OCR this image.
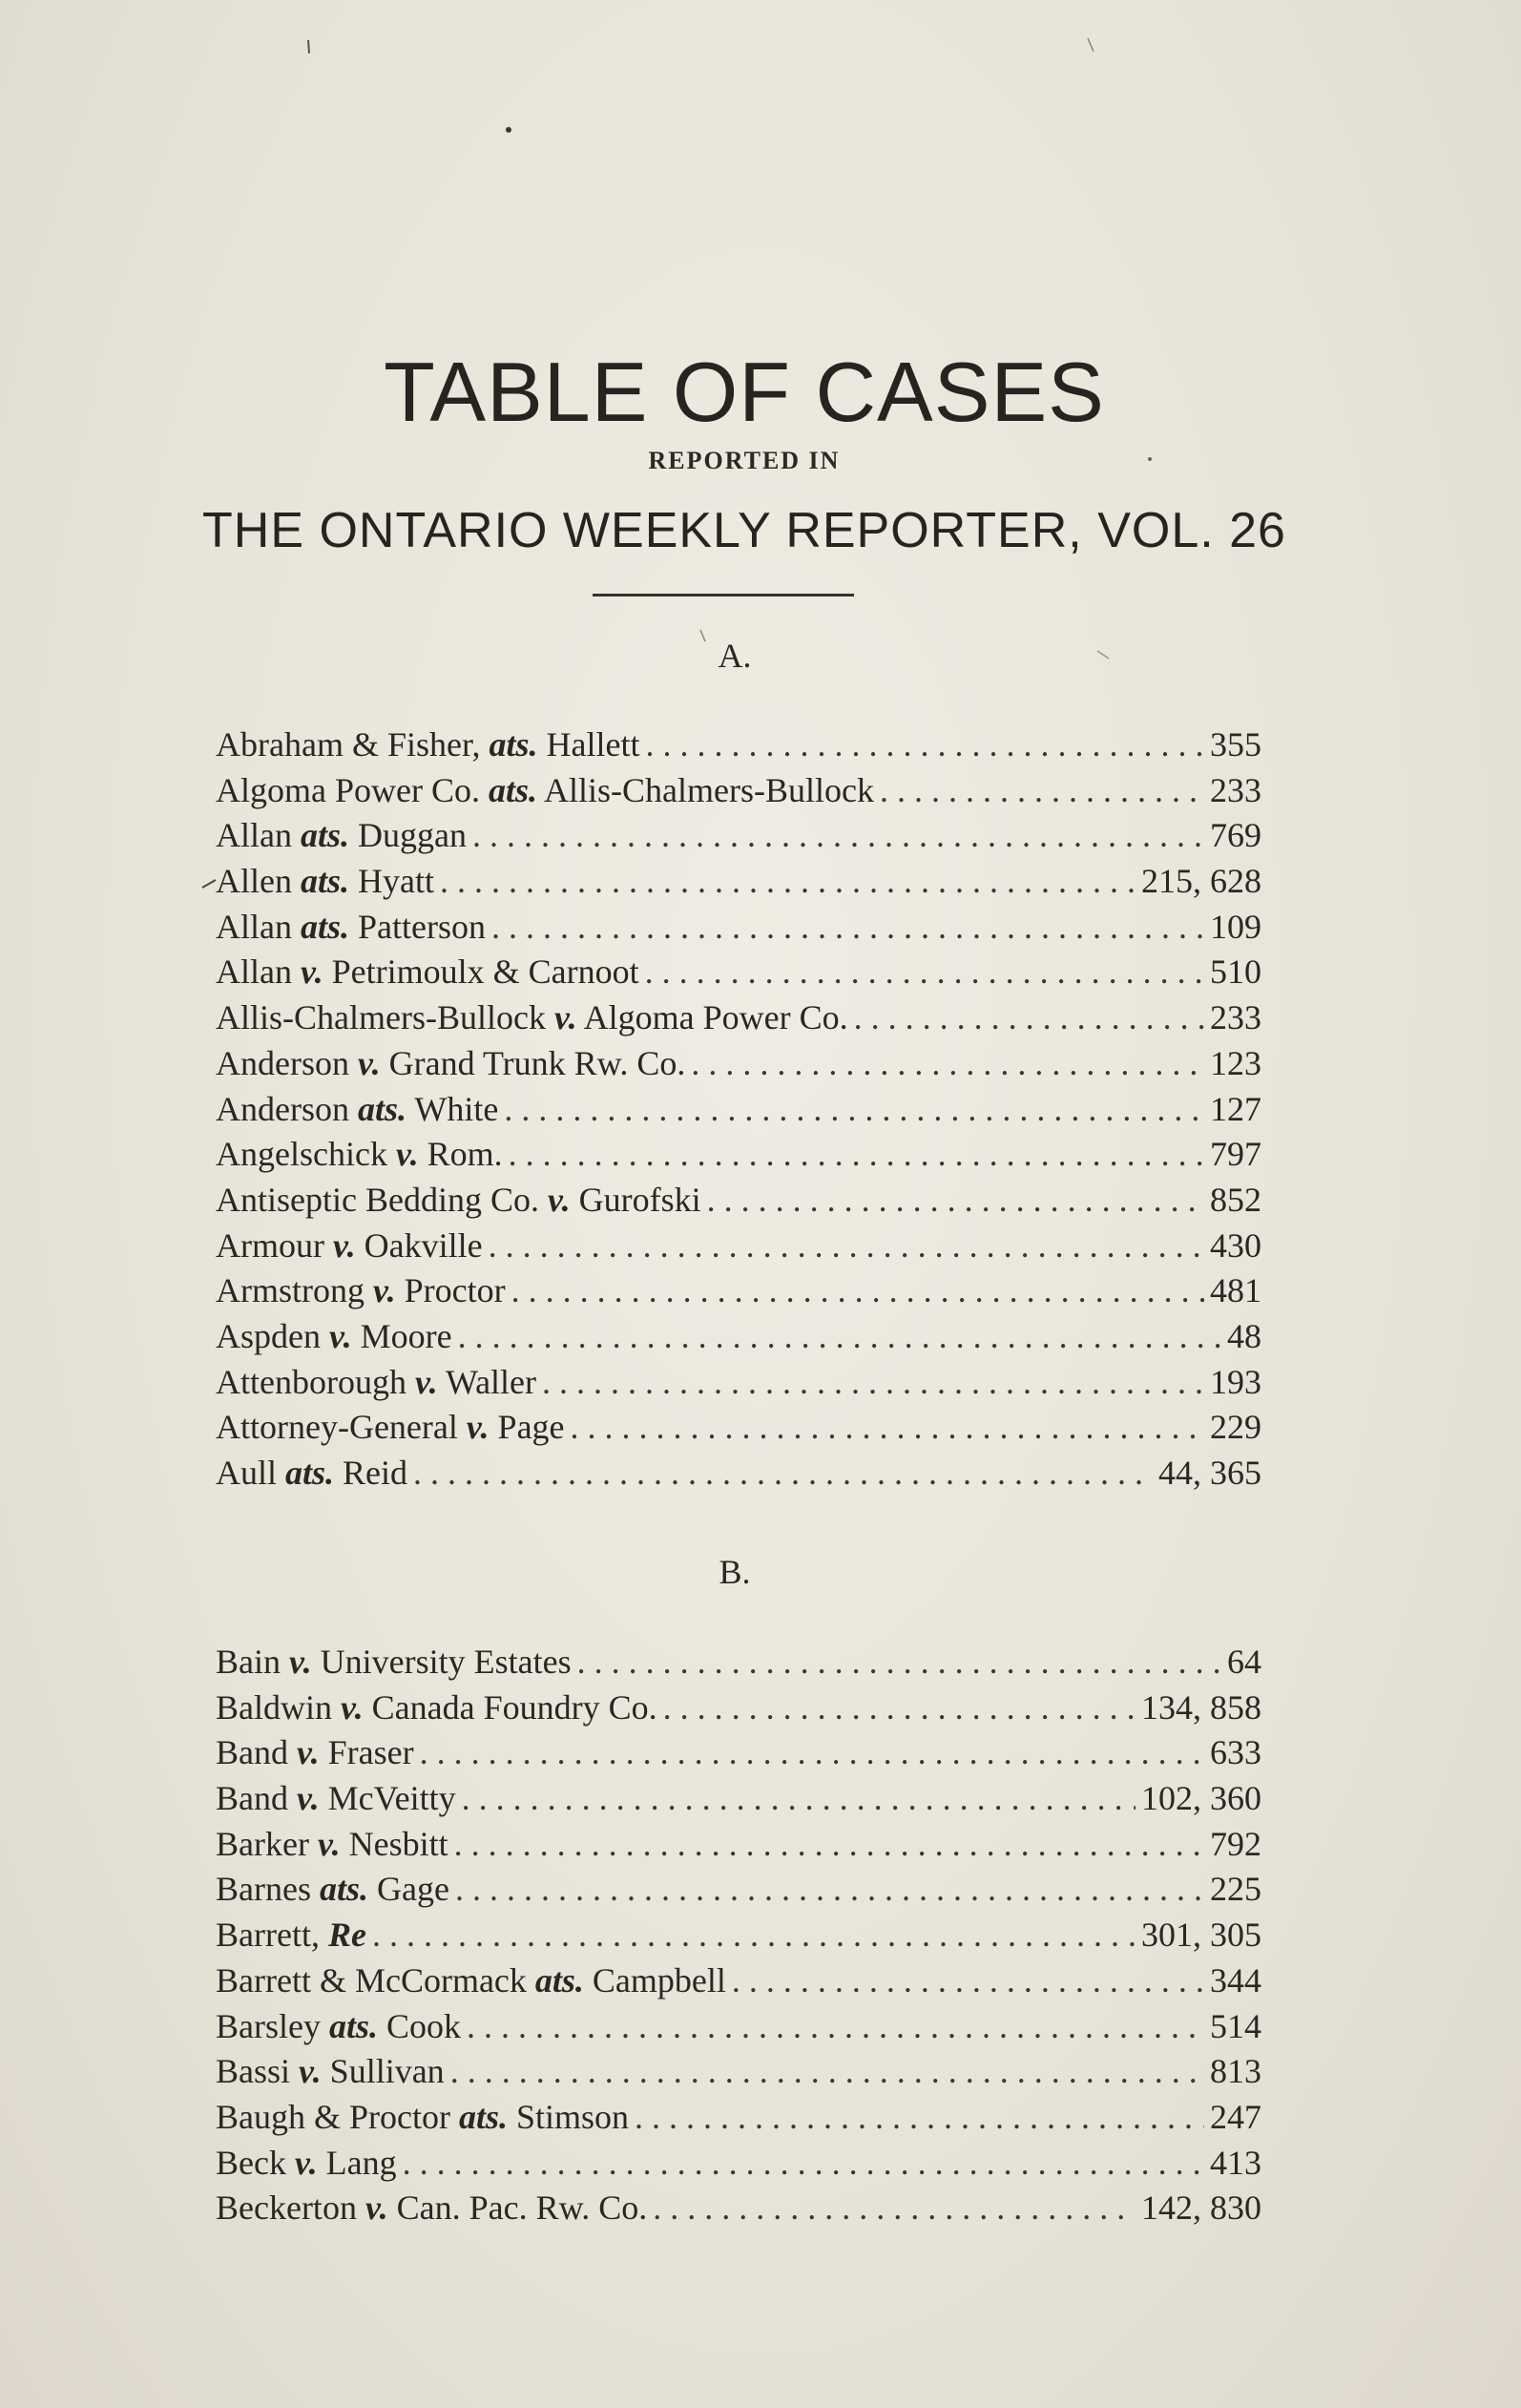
TABLE OF CASES
REPORTED IN
THE ONTARIO WEEKLY REPORTER, VOL. 26
A.
Abraham & Fisher, ats. Hallett . . .	355
Algoma Power Co. ats. Allis-Chalmers-Bullock . . .	233
Allan ats. Duggan . . .	769
Allen ats. Hyatt . . .	215, 628
Allan ats. Patterson . . .	109
Allan v. Petrimoulx & Carnoot . . .	510
Allis-Chalmers-Bullock v. Algoma Power Co. . . .	233
Anderson v. Grand Trunk Rw. Co. . . .	123
Anderson ats. White . . .	127
Angelschick v. Rom. . . .	797
Antiseptic Bedding Co. v. Gurofski . . .	852
Armour v. Oakville . . .	430
Armstrong v. Proctor . . .	481
Aspden v. Moore . . .	48
Attenborough v. Waller . . .	193
Attorney-General v. Page . . .	229
Aull ats. Reid . . .	44, 365
B.
Bain v. University Estates . . .	64
Baldwin v. Canada Foundry Co. . . .	134, 858
Band v. Fraser . . .	633
Band v. McVeitty . . .	102, 360
Barker v. Nesbitt . . .	792
Barnes ats. Gage . . .	225
Barrett, Re . . .	301, 305
Barrett & McCormack ats. Campbell . . .	344
Barsley ats. Cook . . .	514
Bassi v. Sullivan . . .	813
Baugh & Proctor ats. Stimson . . .	247
Beck v. Lang . . .	413
Beckerton v. Can. Pac. Rw. Co. . . .	142, 830
